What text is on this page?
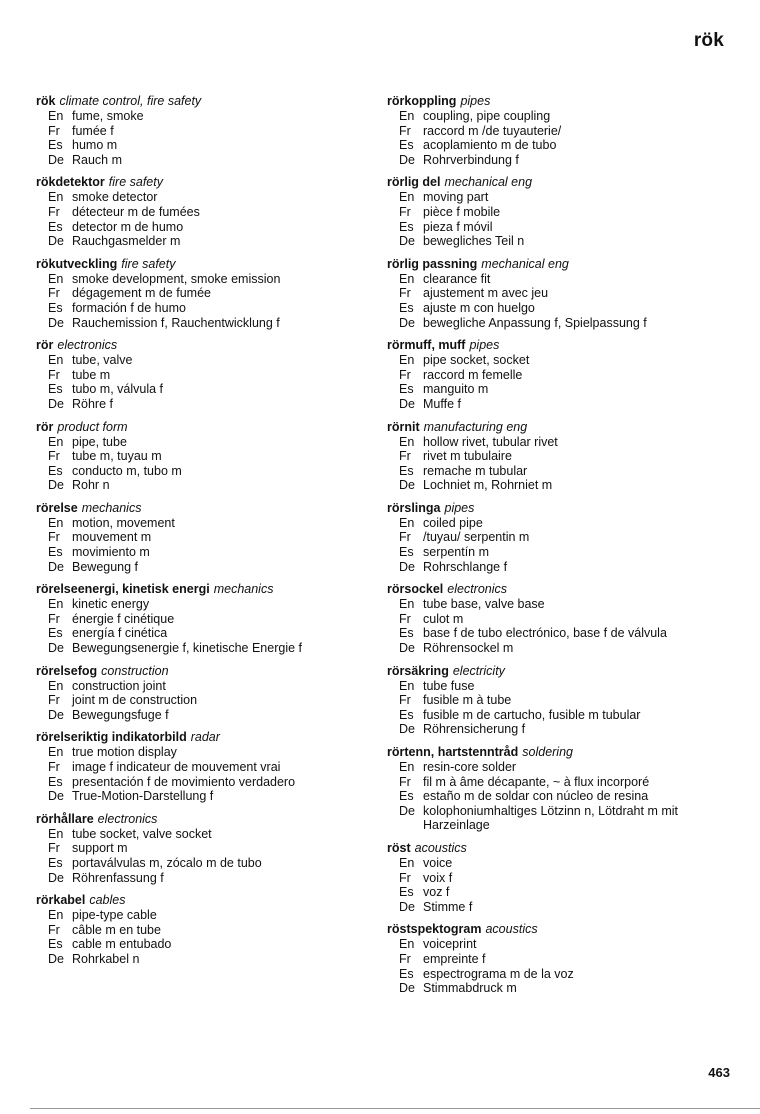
rök
rök climate control, fire safety
En fume, smoke
Fr fumée f
Es humo m
De Rauch m
rökdetektor fire safety
En smoke detector
Fr détecteur m de fumées
Es detector m de humo
De Rauchgasmelder m
rökutveckling fire safety
En smoke development, smoke emission
Fr dégagement m de fumée
Es formación f de humo
De Rauchemission f, Rauchentwicklung f
rör electronics
En tube, valve
Fr tube m
Es tubo m, válvula f
De Röhre f
rör product form
En pipe, tube
Fr tube m, tuyau m
Es conducto m, tubo m
De Rohr n
rörelse mechanics
En motion, movement
Fr mouvement m
Es movimiento m
De Bewegung f
rörelseenergi, kinetisk energi mechanics
En kinetic energy
Fr énergie f cinétique
Es energía f cinética
De Bewegungsenergie f, kinetische Energie f
rörelsefog construction
En construction joint
Fr joint m de construction
De Bewegungsfuge f
rörelseriktig indikatorbild radar
En true motion display
Fr image f indicateur de mouvement vrai
Es presentación f de movimiento verdadero
De True-Motion-Darstellung f
rörhållare electronics
En tube socket, valve socket
Fr support m
Es portaválvulas m, zócalo m de tubo
De Röhrenfassung f
rörkabel cables
En pipe-type cable
Fr câble m en tube
Es cable m entubado
De Rohrkabel n
rörkoppling pipes
En coupling, pipe coupling
Fr raccord m /de tuyauterie/
Es acoplamiento m de tubo
De Rohrverbindung f
rörlig del mechanical eng
En moving part
Fr pièce f mobile
Es pieza f móvil
De bewegliches Teil n
rörlig passning mechanical eng
En clearance fit
Fr ajustement m avec jeu
Es ajuste m con huelgo
De bewegliche Anpassung f, Spielpassung f
rörmuff, muff pipes
En pipe socket, socket
Fr raccord m femelle
Es manguito m
De Muffe f
rörnit manufacturing eng
En hollow rivet, tubular rivet
Fr rivet m tubulaire
Es remache m tubular
De Lochniet m, Rohrniet m
rörslinga pipes
En coiled pipe
Fr /tuyau/ serpentin m
Es serpentín m
De Rohrschlange f
rörsockel electronics
En tube base, valve base
Fr culot m
Es base f de tubo electrónico, base f de válvula
De Röhrensockel m
rörsäkring electricity
En tube fuse
Fr fusible m à tube
Es fusible m de cartucho, fusible m tubular
De Röhrensicherung f
rörtenn, hartstenntråd soldering
En resin-core solder
Fr fil m à âme décapante, ~ à flux incorporé
Es estaño m de soldar con núcleo de resina
De kolophoniumhaltiges Lötzinn n, Lötdraht m mit Harzeinlage
röst acoustics
En voice
Fr voix f
Es voz f
De Stimme f
röstspektogram acoustics
En voiceprint
Fr empreinte f
Es espectrograma m de la voz
De Stimmabdruck m
463
